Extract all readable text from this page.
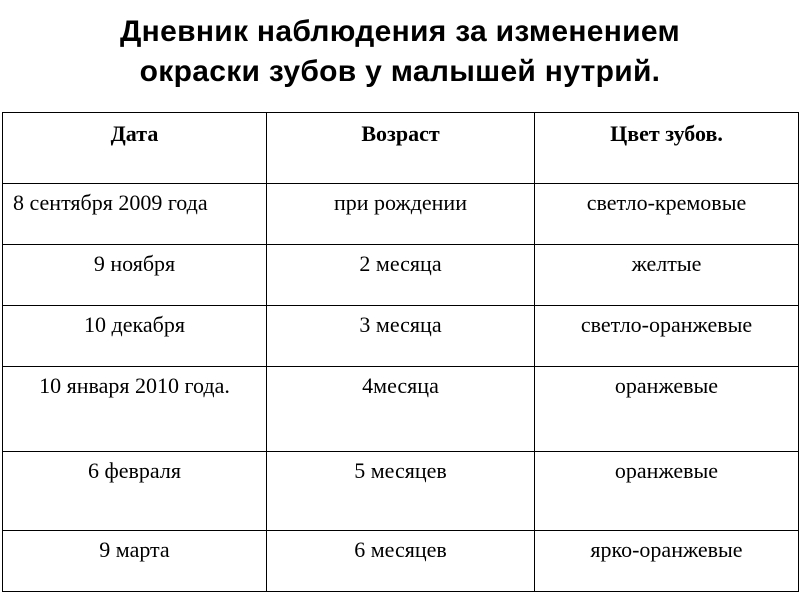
Дневник наблюдения за изменением
окраски зубов у малышей нутрий.
Дата	Возраст	Цвет зубов.
8 сентября 2009 года	при рождении	светло-кремовые
9 ноября	2 месяца	желтые
10 декабря	3 месяца	светло-оранжевые
10 января 2010 года.	4месяца	оранжевые
6 февраля	5 месяцев	оранжевые
9 марта	6 месяцев	ярко-оранжевые
